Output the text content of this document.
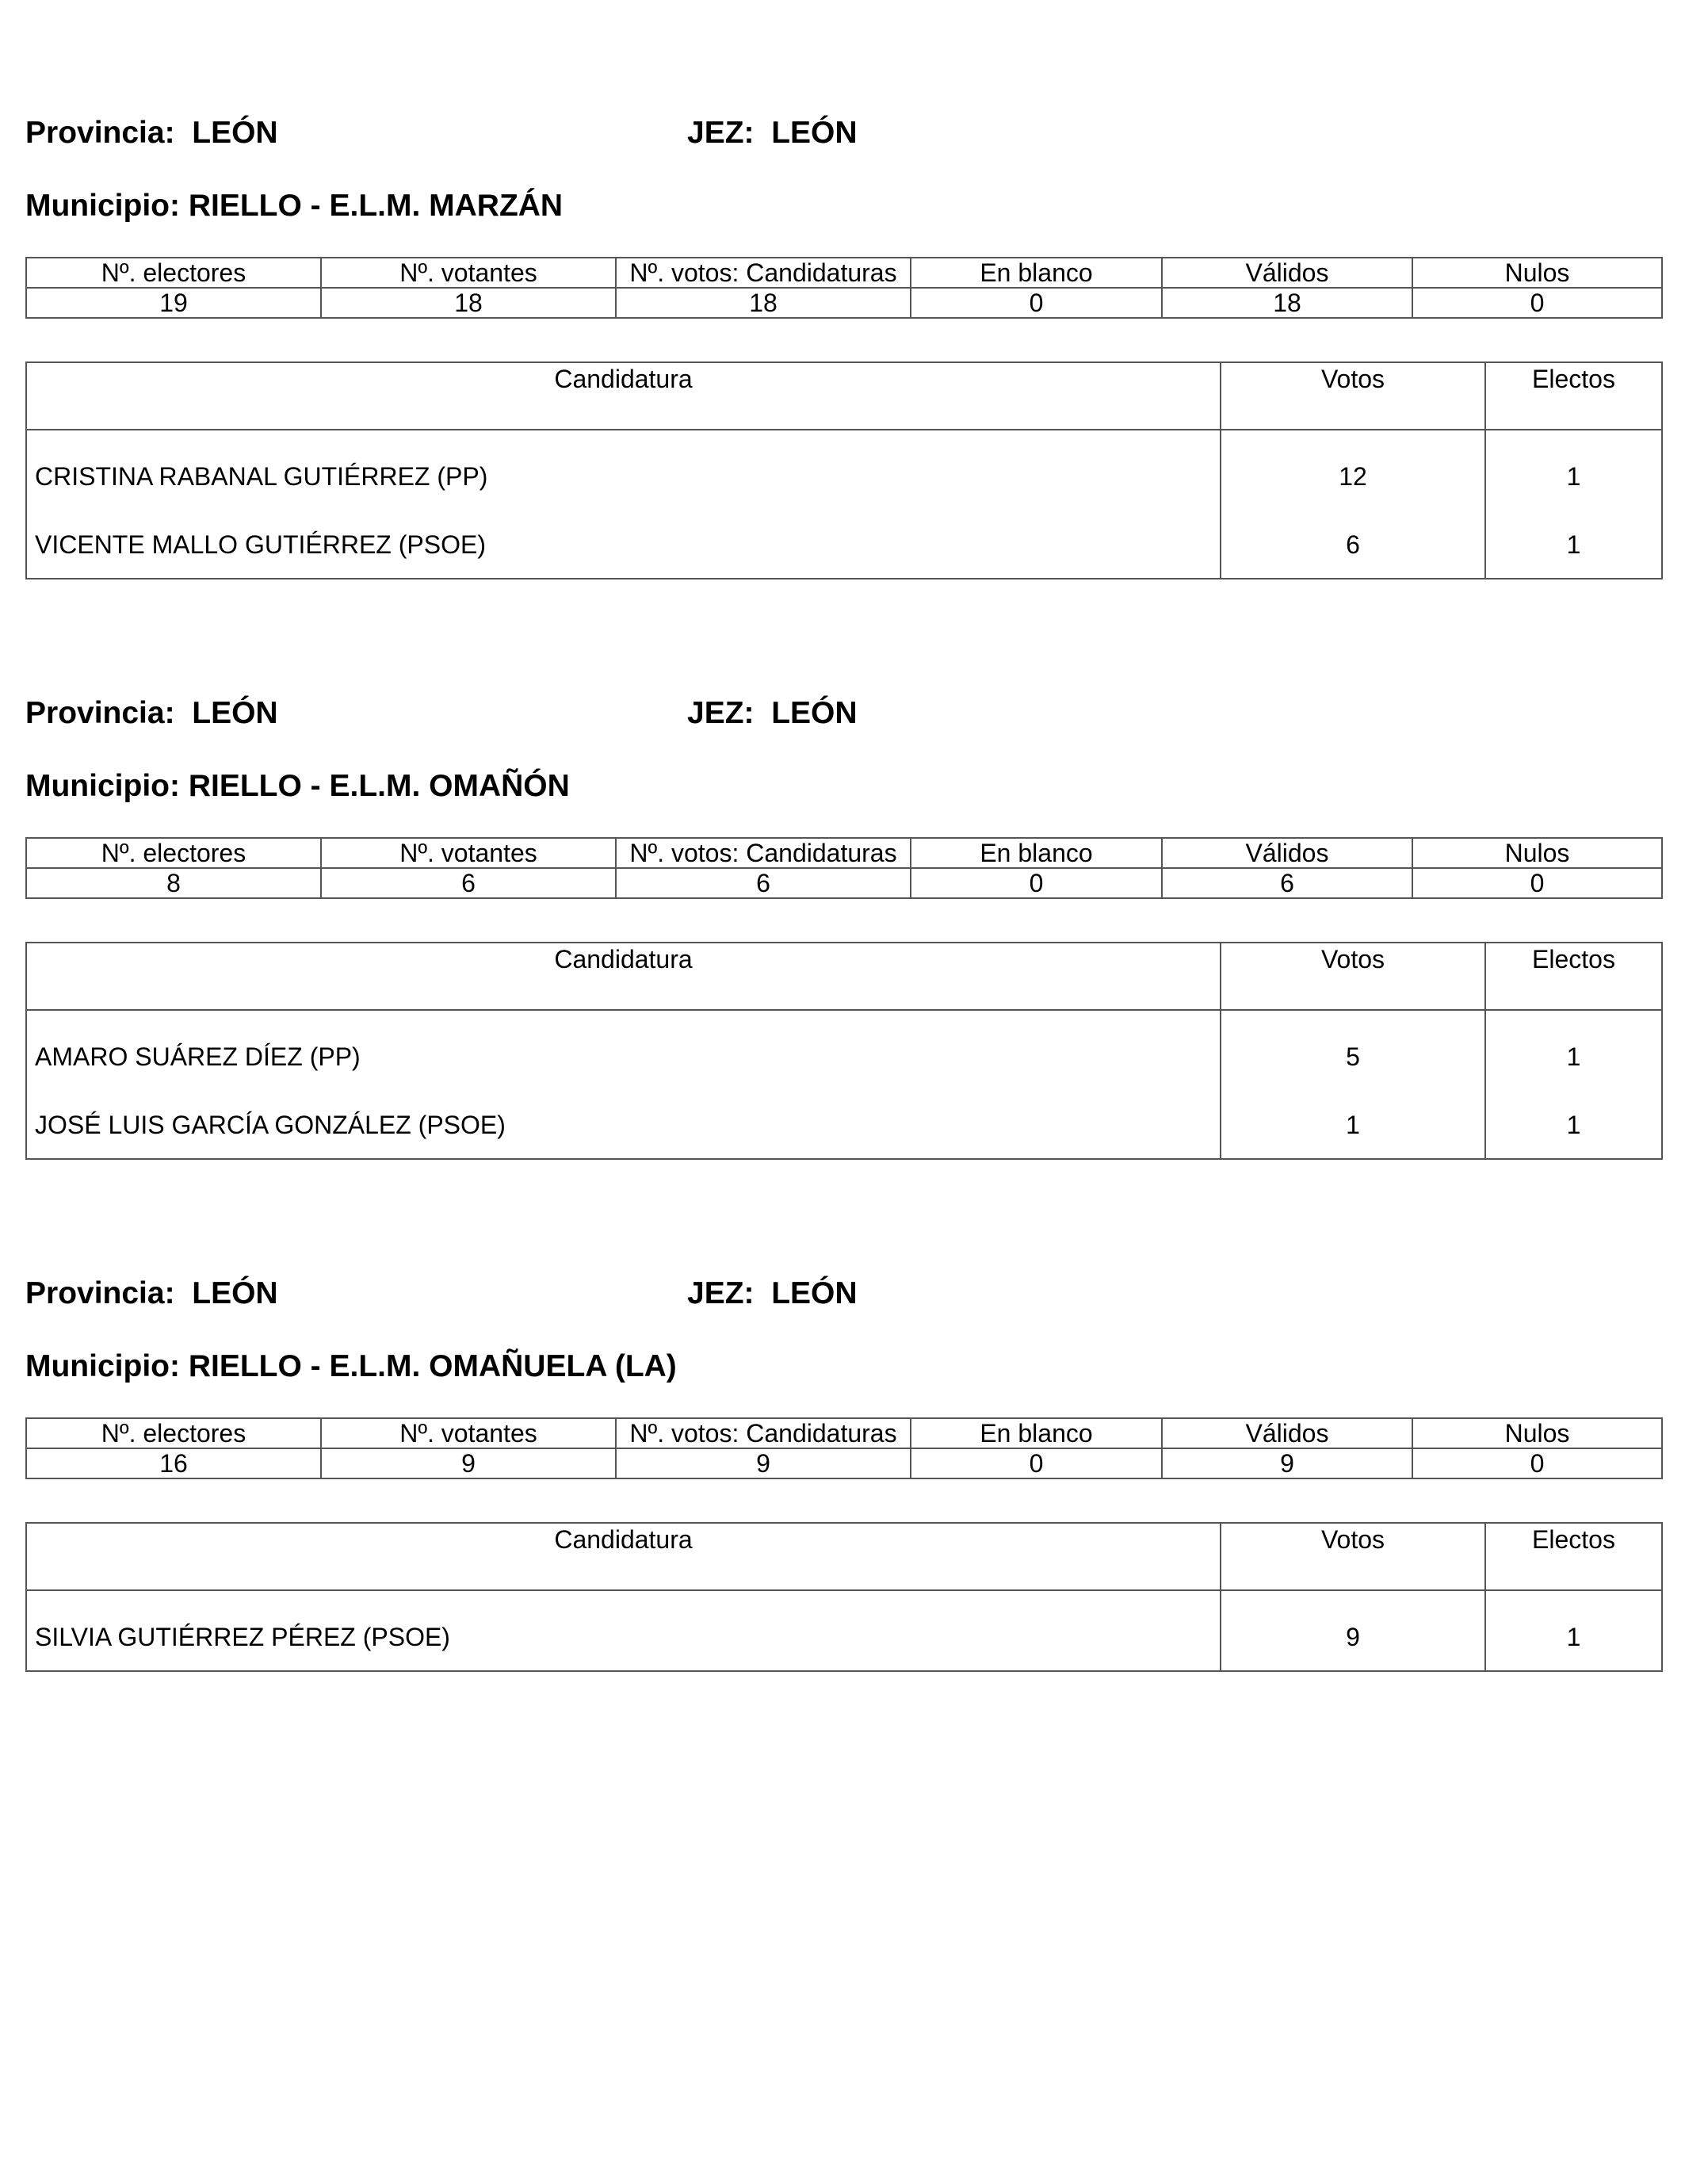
Provincia: LEÓN	JEZ: LEÓN
Municipio: RIELLO - E.L.M. MARZÁN
Nº. electores	Nº. votantes	Nº. votos: Candidaturas	En blanco	Válidos	Nulos
19	18	18	0	18	0
Candidatura	Votos	Electos
CRISTINA RABANAL GUTIÉRREZ (PP)	12	1
VICENTE MALLO GUTIÉRREZ (PSOE)	6	1
Provincia: LEÓN	JEZ: LEÓN
Municipio: RIELLO - E.L.M. OMAÑÓN
Nº. electores	Nº. votantes	Nº. votos: Candidaturas	En blanco	Válidos	Nulos
8	6	6	0	6	0
Candidatura	Votos	Electos
AMARO SUÁREZ DÍEZ (PP)	5	1
JOSÉ LUIS GARCÍA GONZÁLEZ (PSOE)	1	1
Provincia: LEÓN	JEZ: LEÓN
Municipio: RIELLO - E.L.M. OMAÑUELA (LA)
Nº. electores	Nº. votantes	Nº. votos: Candidaturas	En blanco	Válidos	Nulos
16	9	9	0	9	0
Candidatura	Votos	Electos
SILVIA GUTIÉRREZ PÉREZ (PSOE)	9	1
